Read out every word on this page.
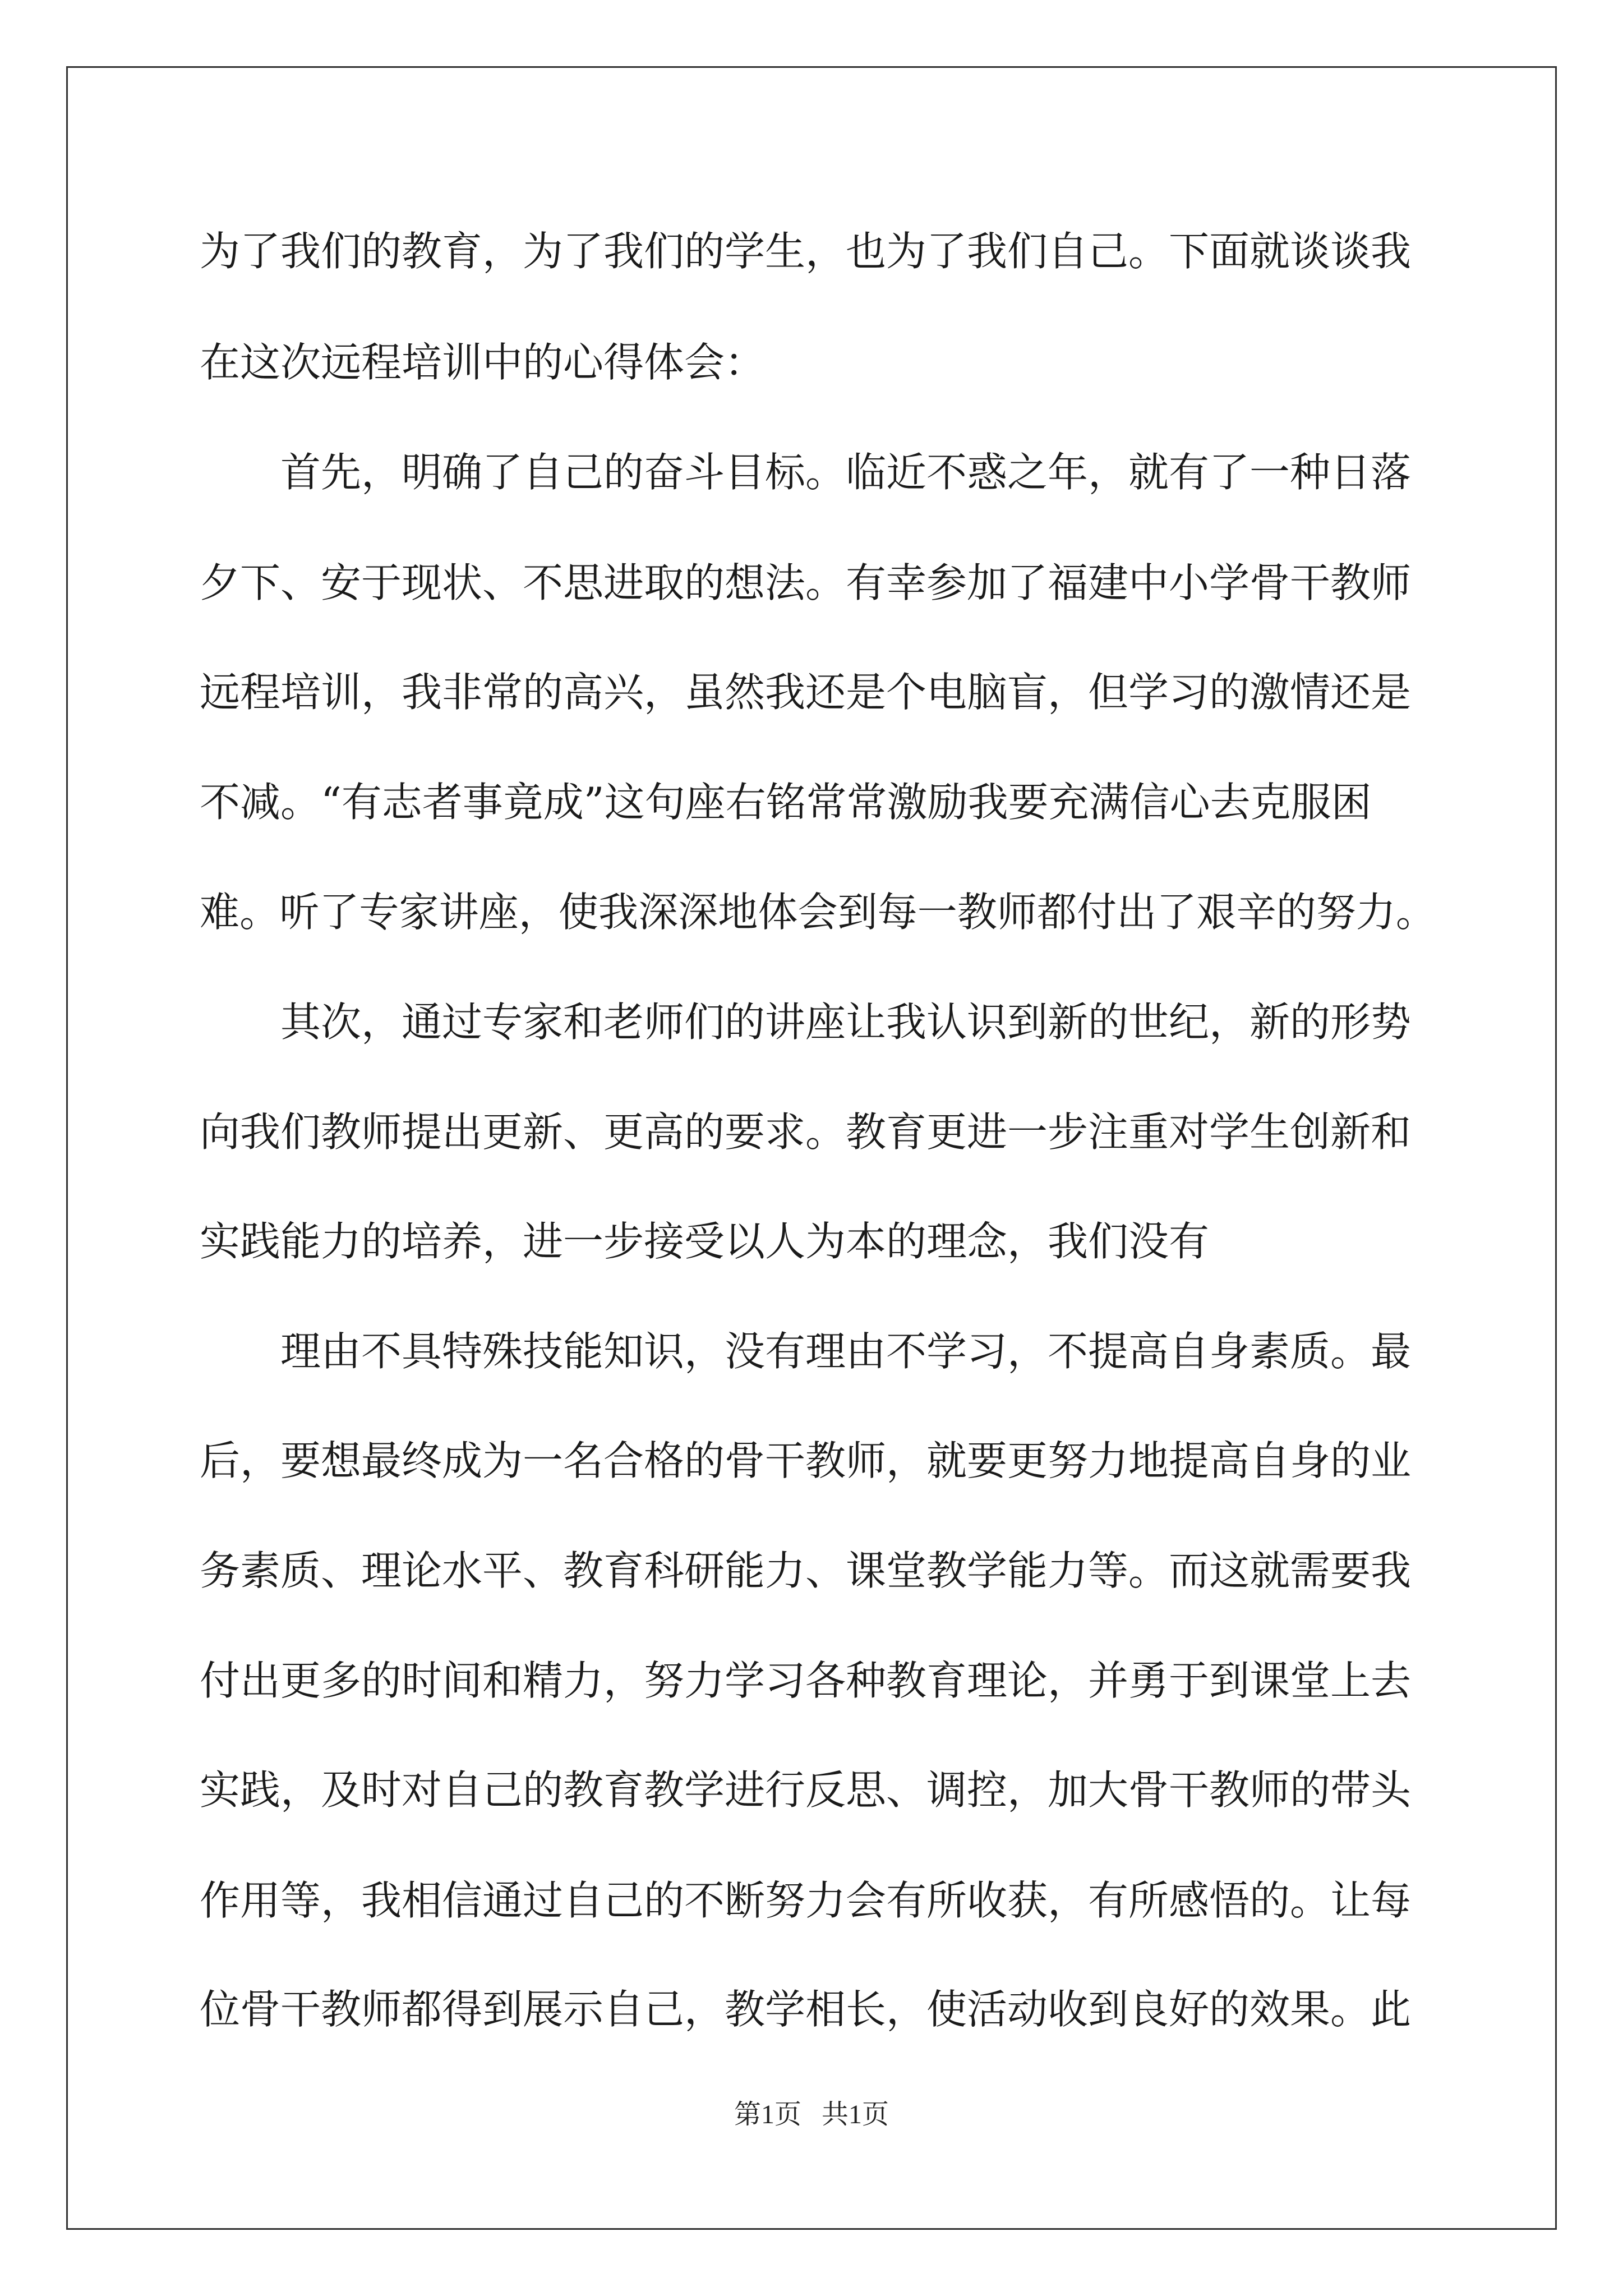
为了我们的教育，为了我们的学生，也为了我们自己。下面就谈谈我
在这次远程培训中的心得体会：
首先，明确了自己的奋斗目标。临近不惑之年，就有了一种日落
夕下、安于现状、不思进取的想法。有幸参加了福建中小学骨干教师
远程培训，我非常的高兴，虽然我还是个电脑盲，但学习的激情还是
不减。“有志者事竟成”这句座右铭常常激励我要充满信心去克服困
难。听了专家讲座，使我深深地体会到每一教师都付出了艰辛的努力。
其次，通过专家和老师们的讲座让我认识到新的世纪，新的形势
向我们教师提出更新、更高的要求。教育更进一步注重对学生创新和
实践能力的培养，进一步接受以人为本的理念，我们没有
理由不具特殊技能知识，没有理由不学习，不提高自身素质。最
后，要想最终成为一名合格的骨干教师，就要更努力地提高自身的业
务素质、理论水平、教育科研能力、课堂教学能力等。而这就需要我
付出更多的时间和精力，努力学习各种教育理论，并勇于到课堂上去
实践，及时对自己的教育教学进行反思、调控，加大骨干教师的带头
作用等，我相信通过自己的不断努力会有所收获，有所感悟的。让每
位骨干教师都得到展示自己，教学相长，使活动收到良好的效果。此
第1页   共1页
